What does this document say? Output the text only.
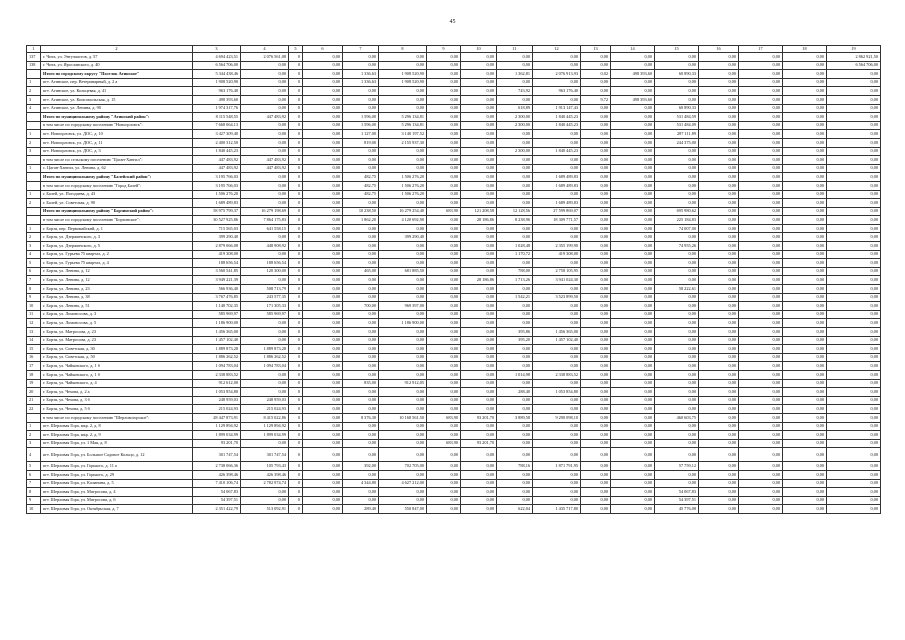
45
1	2	3	4	5	6	7	8	9	10	11	12	13	14	15	16	17	18	19
137	г. Чита, ул. Энтузиастов, д. 57	4 694 423,51	2 076 561,08	0	0,00	0,00	0,00	0,00	0,00	0,00	0,00	0,00	0,00	0,00	0,00	0,00	0,00	2 862 921,50
138	г. Чита, ул. Ярославского, д. 40	6 564 706,00	0,00	0	0,00	0,00	0,00	0,00	0,00	0,00	0,00	0,00	0,00	0,00	0,00	0,00	0,00	6 564 706,00
	Итого по городскому округу "Поселок Агинское"	5 344 438,46	0,00	0	0,00	1 336,63	1 908 520,90	0,00	0,00	1 362,81	2 076 913,93	0,02	498 393,60	60 890,33	0,00	0,00	0,00	0,00
1	пгт. Агинское, пер. Ветеринарный, д. 2 а	1 908 520,90	0,00	0	0,00	1 336,63	1 908 520,90	0,00	0,00	0,00	0,00	0,00	0,00	0,00	0,00	0,00	0,00	0,00
2	пгт. Агинское, ул. Кольцевая, д. 41	963 176,40	0,00	0	0,00	0,00	0,00	0,00	0,00	743,92	963 176,40	0,00	0,00	0,00	0,00	0,00	0,00	0,00
3	пгт. Агинское, ул. Комсомольская, д. 15	498 393,60	0,00	0	0,00	0,00	0,00	0,00	0,00	0,00	0,00	9,72	498 393,60	0,00	0,00	0,00	0,00	0,00
4	пгт. Агинское, ул. Ленина, д. 90	1 974 317,76	0,00	0	0,00	0,00	0,00	0,00	0,00	618,89	1 913 147,43	0,00	0,00	60 890,33	0,00	0,00	0,00	0,00
	Итого по муниципальному району "Агинский район":	8 115 548,55	447 483,92	0	0,00	1 596,00	5 296 134,81	0,00	0,00	2 300,00	1 840 445,23	0,00	0,00	531 484,59	0,00	0,00	0,00	0,00
	в том числе по городскому поселению "Новоорловск":	7 668 064,13	0,00	0	0,00	1 596,00	5 296 134,81	0,00	0,00	2 300,00	1 840 445,23	0,00	0,00	531 484,09	0,00	0,00	0,00	0,00
1	пгт. Новоорловск, ул. ДОС, д. 10	3 427 309,40	0,00	0	0,00	1 127,00	3 140 197,52	0,00	0,00	0,00	0,00	0,00	0,00	287 111,89	0,00	0,00	0,00	0,00
2	пгт. Новоорловск, ул. ДОС, д. 11	2 400 312,50	0,00	0	0,00	819,00	2 155 937,30	0,00	0,00	0,00	0,00	0,00	0,00	244 375,00	0,00	0,00	0,00	0,00
3	пгт. Новоорловск, ул. ДОС, д. 3	1 840 445,23	0,00	0	0,00	0,00	0,00	0,00	0,00	2 300,00	1 840 445,23	0,00	0,00	0,00	0,00	0,00	0,00	0,00
	в том числе по сельскому поселению "Цаган-Хангил":	447 483,92	447 483,92	0	0,00	0,00	0,00	0,00	0,00	0,00	0,00	0,00	0,00	0,00	0,00	0,00	0,00	0,00
1	с. Цаган-Хангил, ул. Ленина, д. 62	447 483,92	447 483,92	0	0,00	0,00	0,00	0,00	0,00	0,00	0,00	0,00	0,00	0,00	0,00	0,00	0,00	0,00
	Итого по муниципальному району "Балейский район":	3 195 766,03	0,00	0	0,00	482,75	1 506 276,20	0,00	0,00	0,00	1 689 489,83	0,00	0,00	0,00	0,00	0,00	0,00	0,00
	в том числе по городскому поселению "Город Балей":	3 195 766,03	0,00	0	0,00	482,75	1 506 276,20	0,00	0,00	0,00	1 689 489,83	0,00	0,00	0,00	0,00	0,00	0,00	0,00
1	г. Балей, ул. Погодаева, д. 43	1 506 276,20	0,00	0	0,00	482,75	1 506 276,20	0,00	0,00	0,00	0,00	0,00	0,00	0,00	0,00	0,00	0,00	0,00
2	г. Балей, ул. Советская, д. 90	1 689 489,83	0,00	0	0,00	0,00	0,00	0,00	0,00	0,00	1 689 489,83	0,00	0,00	0,00	0,00	0,00	0,00	0,00
	Итого по муниципальному району "Борзинский район":	58 975 799,37	16 279 198,69	0	0,00	10 238,50	16 279 254,40	683,90	121 208,58	12 128,56	27 599 869,07	0,00	0,00	695 980,62	0,00	0,00	0,00	0,00
	в том числе по городскому поселению "Борзинское":	30 527 925,86	7 864 175,83	0	0,00	1 862,20	4 120 692,90	0,00	28 186,86	8 238,96	18 309 771,57	0,00	0,00	225 184,83	0,00	0,00	0,00	0,00
1	г. Борзя, пер. Первомайский, д. 1	715 565,03	641 558,15	0	0,00	0,00	0,00	0,00	0,00	0,00	0,00	0,00	0,00	74 007,00	0,00	0,00	0,00	0,00
2	г. Борзя, ул. Дзержинского, д. 3	399 290,40	0,00	0	0,00	0,00	399 290,40	0,00	0,00	0,00	0,00	0,00	0,00	0,00	0,00	0,00	0,00	0,00
3	г. Борзя, ул. Дзержинского, д. 5	2 879 066,08	448 908,92	0	0,00	0,00	0,00	0,00	0,00	1 028,48	2 355 199,90	0,00	0,00	74 955,26	0,00	0,00	0,00	0,00
4	г. Борзя, ул. Гурьева 75 квартал, д. 2	419 308,00	0,00	0	0,00	0,00	0,00	0,00	0,00	1 170,72	419 308,00	0,00	0,00	0,00	0,00	0,00	0,00	0,00
5	г. Борзя, ул. Гурьева 75 квартал, д. 4	188 656,54	188 656,54	0	0,00	0,00	0,00	0,00	0,00	0,00	0,00	0,00	0,00	0,00	0,00	0,00	0,00	0,00
6	г. Борзя, ул. Ленина, д. 12	3 560 541,85	120 300,00	0	0,00	465,00	681 885,50	0,00	0,00	788,00	2 758 105,95	0,00	0,00	0,00	0,00	0,00	0,00	0,00
7	г. Борзя, ул. Ленина, д. 12	3 949 221,39	0,00	0	0,00	0,00	0,00	0,00	28 186,86	1 713,26	3 941 024,30	0,00	0,00	0,00	0,00	0,00	0,00	0,00
8	г. Борзя, ул. Ленина, д. 23	566 936,40	508 713,79	0	0,00	0,00	0,00	0,00	0,00	0,00	0,00	0,00	0,00	58 222,61	0,00	0,00	0,00	0,00
9	г. Борзя, ул. Ленина, д. 38	3 767 476,85	243 577,35	0	0,00	0,00	0,00	0,00	0,00	1 542,21	3 523 899,50	0,00	0,00	0,00	0,00	0,00	0,00	0,00
10	г. Борзя, ул. Ленина, д. 51	1 140 702,35	171 305,33	0	0,00	700,00	969 397,00	0,00	0,00	0,00	0,00	0,00	0,00	0,00	0,00	0,00	0,00	0,00
11	г. Борзя, ул. Ломоносова, д. 3	585 969,97	585 969,97	0	0,00	0,00	0,00	0,00	0,00	0,00	0,00	0,00	0,00	0,00	0,00	0,00	0,00	0,00
12	г. Борзя, ул. Ломоносова, д. 5	1 186 900,00	0,00	0	0,00	0,00	1 186 900,00	0,00	0,00	0,00	0,00	0,00	0,00	0,00	0,00	0,00	0,00	0,00
13	г. Борзя, ул. Матросова, д. 23	1 456 365,00	0,00	0	0,00	0,00	0,00	0,00	0,00	395,86	1 456 365,00	0,00	0,00	0,00	0,00	0,00	0,00	0,00
14	г. Борзя, ул. Матросова, д. 23	1 457 102,40	0,00	0	0,00	0,00	0,00	0,00	0,00	395,20	1 457 102,40	0,00	0,00	0,00	0,00	0,00	0,00	0,00
15	г. Борзя, ул. Советская, д. 30	1 889 873,28	1 889 873,28	0	0,00	0,00	0,00	0,00	0,00	0,00	0,00	0,00	0,00	0,00	0,00	0,00	0,00	0,00
16	г. Борзя, ул. Советская, д. 50	1 886 262,52	1 886 262,52	0	0,00	0,00	0,00	0,00	0,00	0,00	0,00	0,00	0,00	0,00	0,00	0,00	0,00	0,00
17	г. Борзя, ул. Чайковского, д. 1 б	1 094 783,04	1 094 783,04	0	0,00	0,00	0,00	0,00	0,00	0,00	0,00	0,00	0,00	0,00	0,00	0,00	0,00	0,00
18	г. Борзя, ул. Чайковского, д. 1 б	2 338 883,52	0,00	0	0,00	0,00	0,00	0,00	0,00	1 014,98	2 338 883,52	0,00	0,00	0,00	0,00	0,00	0,00	0,00
19	г. Борзя, ул. Чайковского, д. 4	912 612,00	0,00	0	0,00	835,00	912 912,05	0,00	0,00	0,00	0,00	0,00	0,00	0,00	0,00	0,00	0,00	0,00
20	г. Борзя, ул. Чехова, д. 2 а	1 053 854,80	0,00	0	0,00	0,00	0,00	0,00	0,00	288,40	1 053 854,80	0,00	0,00	0,00	0,00	0,00	0,00	0,00
21	г. Борзя, ул. Чехова, д. 3 б	248 959,03	248 959,03	0	0,00	0,00	0,00	0,00	0,00	0,00	0,00	0,00	0,00	0,00	0,00	0,00	0,00	0,00
22	г. Борзя, ул. Чехова, д. 5 б	215 024,93	215 024,93	0	0,00	0,00	0,00	0,00	0,00	0,00	0,00	0,00	0,00	0,00	0,00	0,00	0,00	0,00
	в том числе по городскому поселению "Шерловогорское":	28 447 873,91	8 415 022,86	0	0,00	8 376,30	10 168 561,50	683,90	93 201,70	3 889,58	9 290 098,10	0,00	0,00	460 603,75	0,00	0,00	0,00	0,00
1	пгт. Шерловая Гора, мкр. 2, д. 8	1 129 894,92	1 129 894,92	0	0,00	0,00	0,00	0,00	0,00	0,00	0,00	0,00	0,00	0,00	0,00	0,00	0,00	0,00
2	пгт. Шерловая Гора, мкр. 2, д. 9	1 899 034,99	1 899 034,99	0	0,00	0,00	0,00	0,00	0,00	0,00	0,00	0,00	0,00	0,00	0,00	0,00	0,00	0,00
3	пгт. Шерловая Гора, ул. 1 Мая, д. 8	93 201,70	0,00	0	0,00	0,00	0,00	683,90	93 201,70	0,00	0,00	0,00	0,00	0,00	0,00	0,00	0,00	0,00
4	пгт. Шерловая Гора, ул. Большое Садовое Кольцо, д. 12	301 747,54	301 747,54	0	0,00	0,00	0,00	0,00	0,00	0,00	0,00	0,00	0,00	0,00	0,00	0,00	0,00	0,00
5	пгт. Шерловая Гора, ул. Горького, д. 11 а	2 738 066,36	105 793,43	0	0,00	392,00	702 705,00	0,00	0,00	788,16	1 871 791,95	0,00	0,00	57 759,12	0,00	0,00	0,00	0,00
6	пгт. Шерловая Гора, ул. Горького, д. 29	426 398,46	426 398,46	0	0,00	0,00	0,00	0,00	0,00	0,00	0,00	0,00	0,00	0,00	0,00	0,00	0,00	0,00
7	пгт. Шерловая Гора, ул. Калинина, д. 5	7 410 106,74	2 782 974,74	0	0,00	4 344,80	4 627 212,00	0,00	0,00	0,00	0,00	0,00	0,00	0,00	0,00	0,00	0,00	0,00
8	пгт. Шерловая Гора, ул. Матросова, д. 4	54 067,83	0,00	0	0,00	0,00	0,00	0,00	0,00	0,00	0,00	0,00	0,00	54 067,83	0,00	0,00	0,00	0,00
9	пгт. Шерловая Гора, ул. Матросова, д. 6	54 397,51	0,00	0	0,00	0,00	0,00	0,00	0,00	0,00	0,00	0,00	0,00	54 397,51	0,00	0,00	0,00	0,00
10	пгт. Шерловая Гора, ул. Октябрьская, д. 7	2 351 422,79	513 092,91	0	0,00	289,40	550 847,00	0,00	0,00	622,04	1 435 717,80	0,00	0,00	45 776,08	0,00	0,00	0,00	0,00
